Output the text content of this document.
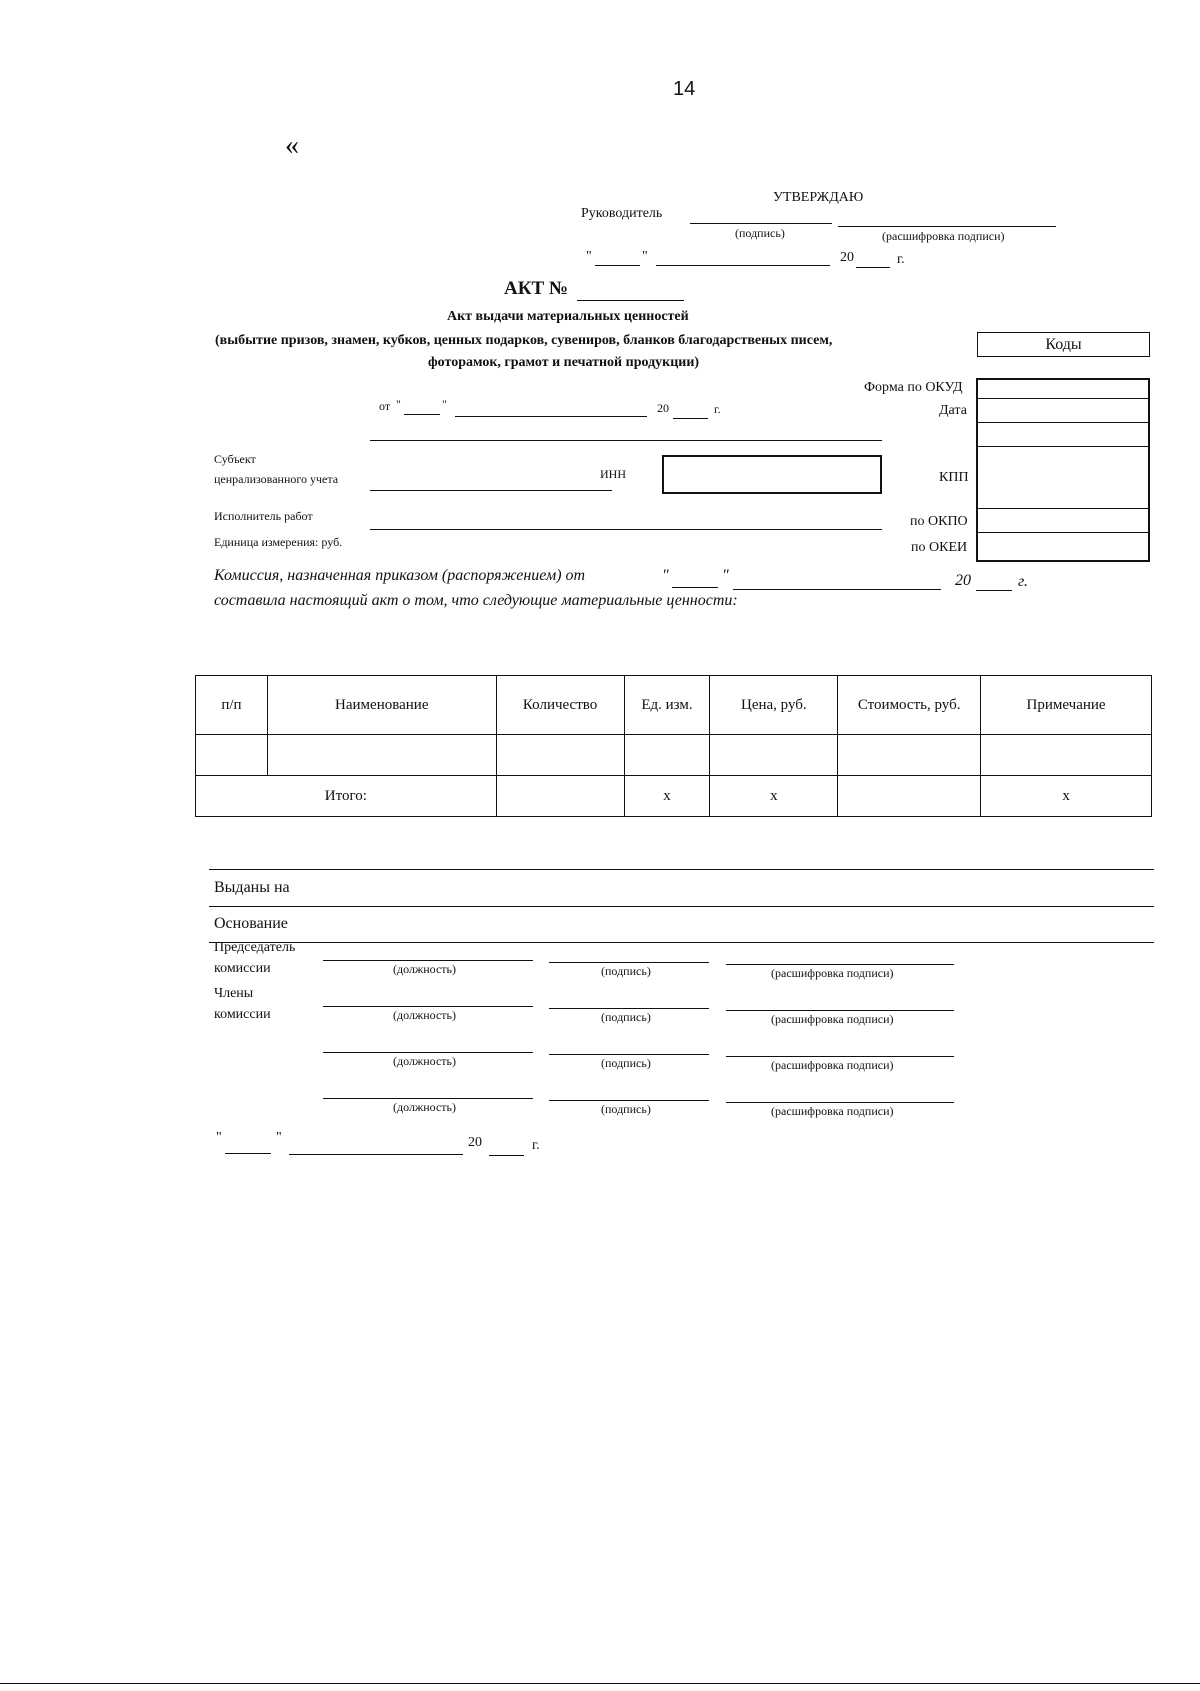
14
«
УТВЕРЖДАЮ
Руководитель
(подпись)	(расшифровка подписи)
"	"	20	г.
АКТ №
Акт выдачи материальных ценностей
(выбытие призов, знамен, кубков, ценных подарков, сувениров, бланков благодарственых писем,
фоторамок, грамот и печатной продукции)
Коды
Форма по ОКУД
Дата
КПП
по ОКПО
по ОКЕИ
от "	"	20	г.
Субъект
ценрализованного учета	ИНН
Исполнитель работ
Единица измерения: руб.
Комиссия, назначенная приказом (распоряжением) от	"	"	20	г.
составила настоящий акт о том, что следующие материальные ценности:
п/п	Наименование	Количество	Ед. изм.	Цена, руб.	Стоимость, руб.	Примечание

Итого:			x	x		x
Выданы на
Основание
Председатель
комиссии
Члены
комиссии
(должность)	(подпись)	(расшифровка подписи)
(должность)	(подпись)	(расшифровка подписи)
(должность)	(подпись)	(расшифровка подписи)
(должность)	(подпись)	(расшифровка подписи)
"	"	20	г.
